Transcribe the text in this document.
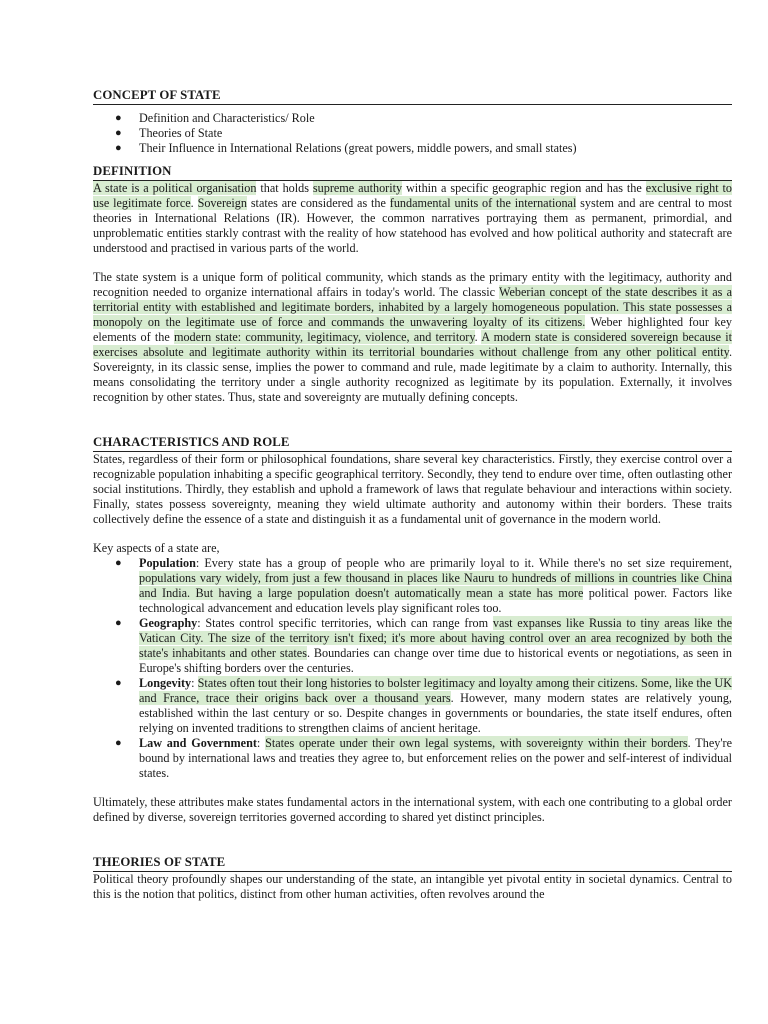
CONCEPT OF STATE
● Definition and Characteristics/ Role
● Theories of State
● Their Influence in International Relations (great powers, middle powers, and small states)
DEFINITION

A state is a political organisation that holds supreme authority within a specific geographic region and has the exclusive right to use legitimate force. Sovereign states are considered as the fundamental units of the international system and are central to most theories in International Relations (IR). However, the common narratives portraying them as permanent, primordial, and unproblematic entities starkly contrast with the reality of how statehood has evolved and how political authority and statecraft are understood and practised in various parts of the world.

The state system is a unique form of political community, which stands as the primary entity with the legitimacy, authority and recognition needed to organize international affairs in today's world. The classic Weberian concept of the state describes it as a territorial entity with established and legitimate borders, inhabited by a largely homogeneous population. This state possesses a monopoly on the legitimate use of force and commands the unwavering loyalty of its citizens. Weber highlighted four key elements of the modern state: community, legitimacy, violence, and territory. A modern state is considered sovereign because it exercises absolute and legitimate authority within its territorial boundaries without challenge from any other political entity. Sovereignty, in its classic sense, implies the power to command and rule, made legitimate by a claim to authority. Internally, this means consolidating the territory under a single authority recognized as legitimate by its population. Externally, it involves recognition by other states. Thus, state and sovereignty are mutually defining concepts.

CHARACTERISTICS AND ROLE

States, regardless of their form or philosophical foundations, share several key characteristics. Firstly, they exercise control over a recognizable population inhabiting a specific geographical territory. Secondly, they tend to endure over time, often outlasting other social institutions. Thirdly, they establish and uphold a framework of laws that regulate behaviour and interactions within society. Finally, states possess sovereignty, meaning they wield ultimate authority and autonomy within their borders. These traits collectively define the essence of a state and distinguish it as a fundamental unit of governance in the modern world.

Key aspects of a state are,

● Population: Every state has a group of people who are primarily loyal to it. While there's no set size requirement, populations vary widely, from just a few thousand in places like Nauru to hundreds of millions in countries like China and India. But having a large population doesn't automatically mean a state has more political power. Factors like technological advancement and education levels play significant roles too.
● Geography: States control specific territories, which can range from vast expanses like Russia to tiny areas like the Vatican City. The size of the territory isn't fixed; it's more about having control over an area recognized by both the state's inhabitants and other states. Boundaries can change over time due to historical events or negotiations, as seen in Europe's shifting borders over the centuries.
● Longevity: States often tout their long histories to bolster legitimacy and loyalty among their citizens. Some, like the UK and France, trace their origins back over a thousand years. However, many modern states are relatively young, established within the last century or so. Despite changes in governments or boundaries, the state itself endures, often relying on invented traditions to strengthen claims of ancient heritage.
● Law and Government: States operate under their own legal systems, with sovereignty within their borders. They're bound by international laws and treaties they agree to, but enforcement relies on the power and self-interest of individual states.

Ultimately, these attributes make states fundamental actors in the international system, with each one contributing to a global order defined by diverse, sovereign territories governed according to shared yet distinct principles.

THEORIES OF STATE

Political theory profoundly shapes our understanding of the state, an intangible yet pivotal entity in societal dynamics. Central to this is the notion that politics, distinct from other human activities, often revolves around the
